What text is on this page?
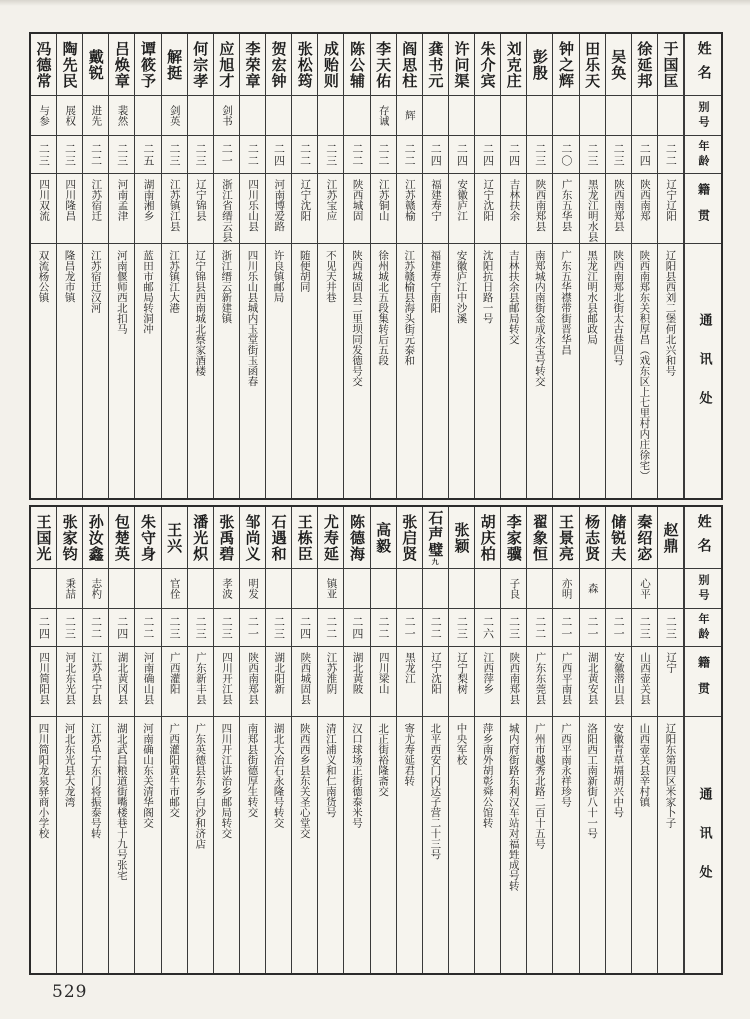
姓名
别号
年龄
籍贯
通讯处
于国匡
二二
辽宁辽阳
辽阳县西刘二堡何北兴和号
徐延邦
二四
陕西南郑
陕西南郑东关积厚昌（戏东区上七里村内庄徐宅）
吴奂
二三
陕西南郑县
陕西南郑北街太古巷四号
田乐天
二三
黑龙江明水县
黑龙江明水县邮政局
钟之辉
二〇
广东五华县
广东五华襟带街晋华昌
彭殷
二三
陕西南郑县
南郑城内南街金成永宝号转交
刘克庄
二四
吉林扶余
吉林扶余县邮局转交
朱介宾
二四
辽宁沈阳
沈阳抗日路一号
许问渠
二四
安徽庐江
安徽庐江中沙溪
龚书元
二四
福建寿宁
福建寿宁南阳
阎思柱
辉
二二
江苏赣榆
江苏赣榆县海头街元泰和
李天佑
存诚
二二
江苏铜山
徐州城北五段集转后五段
陈公辅
二二
陕西城固
陕西城固县二里坝同发德号交
成贻则
二三
江苏宝应
不见天井巷
张松筠
二二
辽宁沈阳
随便胡同
贺宏钟
二四
河南博爱路
许良镇邮局
李荣章
二二
四川乐山县
四川乐山县城内玉堂街玉函春
应旭才
剑书
二一
浙江省缙云县
浙江缙云新建镇
何宗孝
二三
辽宁锦县
辽宁锦县西南城北蔡家酒楼
解挺
剑英
二三
江苏镇江县
江苏镇江大港
谭筱予
二五
湖南湘乡
蓝田市邮局转洞冲
吕焕章
裴然
二三
河南孟津
河南偃师西北扣马
戴锐
进先
二二
江苏宿迁
江苏宿迁汉河
陶先民
展权
二三
四川隆昌
隆昌龙市镇
冯德常
与参
二三
四川双流
双流杨公镇
姓名
别号
年龄
籍贯
通讯处
赵鼎
二三
辽宁
辽阳东第四区米家卜子
秦绍宓
心平
二三
山西壶关县
山西壶关县辛村镇
储锐夫
二一
安徽潜山县
安徽青草塥胡兴中号
杨志贤
森
二一
湖北黄安县
洛阳西工南新街八十一号
王景亮
亦明
二一
广西平南县
广西平南永祥珍号
翟象恒
二二
广东东莞县
广州市越秀北路二百十五号
李家骥
子良
二三
陕西南郑县
城内府街路东利汉车站对福甡成号转
胡庆柏
二六
江西萍乡
萍乡南外胡彰舜公馆转
张颖
二三
辽宁梨树
中央军校
石声璧
九
二二
辽宁沈阳
北平西安门内达子营二十三号
张启贤
二一
黑龙江
寄尤寿延君转
高毅
二二
四川梁山
北正街裕隆斋交
陈德海
二四
湖北黄陂
汉口球场正街德泰米号
尤寿延
镇亚
二二
江苏淮阴
清江浦义和仁南货号
王栋臣
二四
陕西城固县
陕西西乡县东关圣心堂交
石遇和
二三
湖北阳新
湖北大冶石永隆号转交
邹尚义
明发
二一
陕西南郑县
南郑县街德厚生转交
张禹碧
孝波
二三
四川开江县
四川开江讲治乡邮局转交
潘光炽
二三
广东新丰县
广东英德县东乡白沙和济店
王兴
官佺
二三
广西灌阳
广西灌阳黄牛市邮交
朱守身
二二
河南确山县
河南确山东关清华阁交
包楚英
二四
湖北黄冈县
湖北武昌粮道街嘴楼巷十九号张宅
孙汝鑫
志杓
二二
江苏阜宁县
江苏阜宁东门将振泰号转
张家钧
秉喆
二三
河北东光县
河北东光县大龙湾
王国光
二四
四川简阳县
四川简阳龙泉驿商小学校
529
